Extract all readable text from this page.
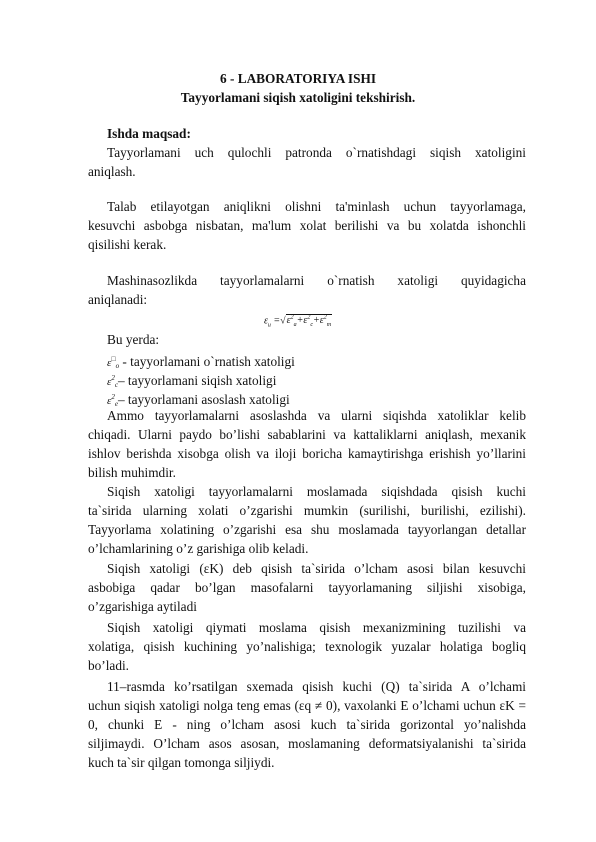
6 - LABORATORIYA ISHI
Tayyorlamani siqish xatoligini tekshirish.
Ishda maqsad:
Tayyorlamani uch qulochli patronda o`rnatishdagi siqish xatoligini
aniqlash.
Talab etilayotgan aniqlikni olishni ta'minlash uchun tayyorlamaga,
kesuvchi asbobga nisbatan, ma'lum xolat berilishi va bu xolatda ishonchli
qisilishi kerak.
Mashinasozlikda tayyorlamalarni o`rnatish xatoligi quyidagicha
aniqlanadi:
$\varepsilon_u =√\varepsilon^2_a+\varepsilon^2_c+\varepsilon^2_m$
Bu yerda:
$\varepsilon^□_o$ - tayyorlamani o`rnatish xatoligi
$\varepsilon^2_c-$ tayyorlamani siqish xatoligi
$\varepsilon^2_e-$ tayyorlamani asoslash xatoligi
Ammo tayyorlamalarni asoslashda va ularni siqishda xatoliklar kelib
chiqadi. Ularni paydo bo’lishi sabablarini va kattaliklarni aniqlash, mexanik
ishlov berishda xisobga olish va iloji boricha kamaytirishga erishish yo’llarini
bilish muhimdir.
Siqish xatoligi tayyorlamalarni moslamada siqishdada qisish kuchi
ta`sirida ularning xolati o’zgarishi mumkin (surilishi, burilishi, ezilishi).
Tayyorlama xolatining o’zgarishi esa shu moslamada tayyorlangan detallar
o’lchamlarining o’z garishiga olib keladi.
Siqish xatoligi (εK) deb qisish ta`sirida o’lcham asosi bilan kesuvchi
asbobiga qadar bo’lgan masofalarni tayyorlamaning siljishi xisobiga,
o’zgarishiga aytiladi
Siqish xatoligi qiymati moslama qisish mexanizmining tuzilishi va
xolatiga, qisish kuchining yo’nalishiga; texnologik yuzalar holatiga bogliq
bo’ladi.
11–rasmda ko’rsatilgan sxemada qisish kuchi (Q) ta`sirida A o’lchami
uchun siqish xatoligi nolga teng emas (εq ≠ 0), vaxolanki E o’lchami uchun εK =
0, chunki E - ning o’lcham asosi kuch ta`sirida gorizontal yo’nalishda
siljimaydi. O’lcham asos asosan, moslamaning deformatsiyalanishi ta`sirida
kuch ta`sir qilgan tomonga siljiydi.
